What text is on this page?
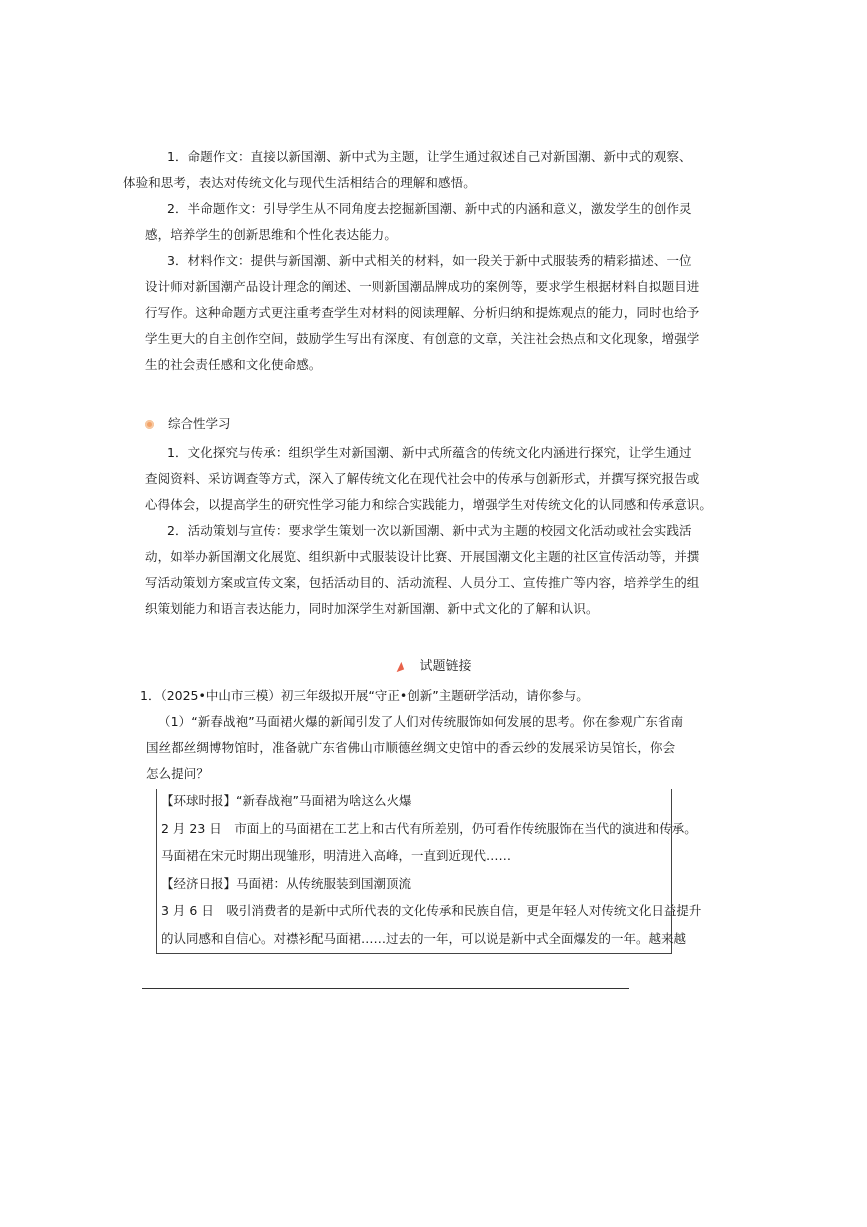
1．命题作文：直接以新国潮、新中式为主题，让学生通过叙述自己对新国潮、新中式的观察、
体验和思考，表达对传统文化与现代生活相结合的理解和感悟。

2．半命题作文：引导学生从不同角度去挖掘新国潮、新中式的内涵和意义，激发学生的创作灵
感，培养学生的创新思维和个性化表达能力。

3．材料作文：提供与新国潮、新中式相关的材料，如一段关于新中式服装秀的精彩描述、一位
设计师对新国潮产品设计理念的阐述、一则新国潮品牌成功的案例等，要求学生根据材料自拟题目进
行写作。这种命题方式更注重考查学生对材料的阅读理解、分析归纳和提炼观点的能力，同时也给予
学生更大的自主创作空间，鼓励学生写出有深度、有创意的文章，关注社会热点和文化现象，增强学
生的社会责任感和文化使命感。

综合性学习

1．文化探究与传承：组织学生对新国潮、新中式所蕴含的传统文化内涵进行探究，让学生通过
查阅资料、采访调查等方式，深入了解传统文化在现代社会中的传承与创新形式，并撰写探究报告或
心得体会，以提高学生的研究性学习能力和综合实践能力，增强学生对传统文化的认同感和传承意识。

2．活动策划与宣传：要求学生策划一次以新国潮、新中式为主题的校园文化活动或社会实践活
动，如举办新国潮文化展览、组织新中式服装设计比赛、开展国潮文化主题的社区宣传活动等，并撰
写活动策划方案或宣传文案，包括活动目的、活动流程、人员分工、宣传推广等内容，培养学生的组
织策划能力和语言表达能力，同时加深学生对新国潮、新中式文化的了解和认识。

试题链接
1．（2025•中山市三模）初三年级拟开展“守正•创新”主题研学活动，请你参与。

（1）“新春战袍”马面裙火爆的新闻引发了人们对传统服饰如何发展的思考。你在参观广东省南
国丝都丝绸博物馆时，准备就广东省佛山市顺德丝绸文史馆中的香云纱的发展采访吴馆长，你会
怎么提问？

【环球时报】“新春战袍”马面裙为啥这么火爆
2 月 23 日　市面上的马面裙在工艺上和古代有所差别，仍可看作传统服饰在当代的演进和传承。
马面裙在宋元时期出现雏形，明清进入高峰，一直到近现代……
【经济日报】马面裙：从传统服装到国潮顶流
3 月 6 日　吸引消费者的是新中式所代表的文化传承和民族自信，更是年轻人对传统文化日益提升
的认同感和自信心。对襟衫配马面裙……过去的一年，可以说是新中式全面爆发的一年。越来越
